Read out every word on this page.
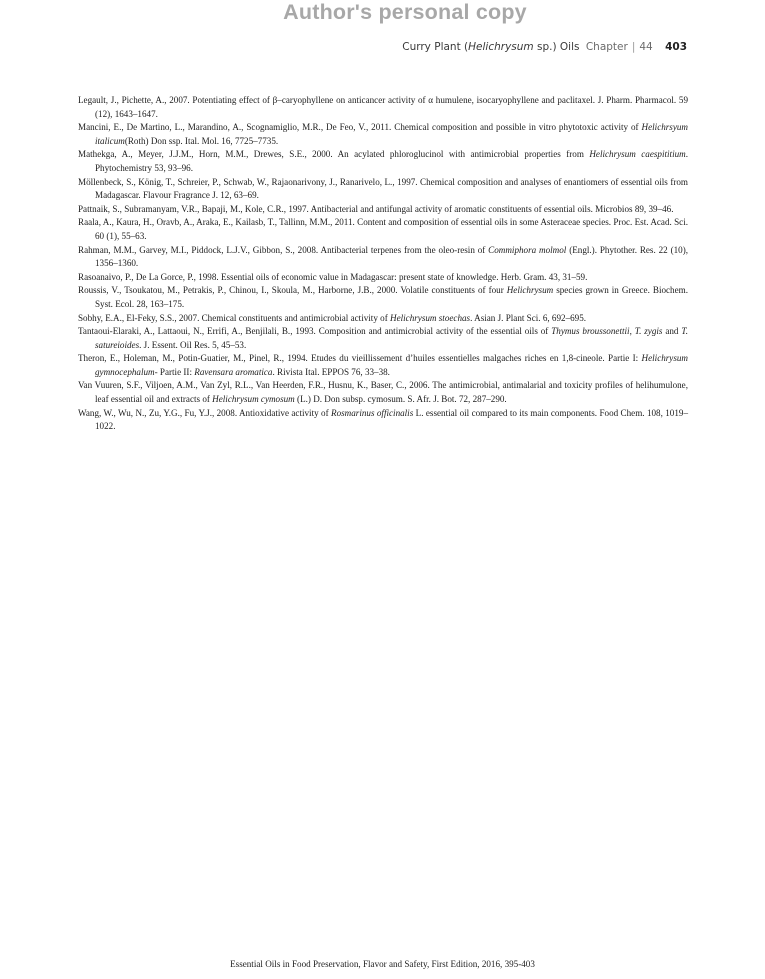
Author's personal copy
Curry Plant (Helichrysum sp.) Oils Chapter | 44 403

Legault, J., Pichette, A., 2007. Potentiating effect of β–caryophyllene on anticancer activity of α humulene, isocaryophyllene and paclitaxel. J. Pharm. Pharmacol. 59 (12), 1643–1647.

Mancini, E., De Martino, L., Marandino, A., Scognamiglio, M.R., De Feo, V., 2011. Chemical composition and possible in vitro phytotoxic activity of Helichrsyum italicum(Roth) Don ssp. Ital. Mol. 16, 7725–7735.

Mathekga, A., Meyer, J.J.M., Horn, M.M., Drewes, S.E., 2000. An acylated phloroglucinol with antimicrobial properties from Helichrysum caespititium. Phytochemistry 53, 93–96.

Möllenbeck, S., König, T., Schreier, P., Schwab, W., Rajaonarivony, J., Ranarivelo, L., 1997. Chemical composition and analyses of enantiomers of essential oils from Madagascar. Flavour Fragrance J. 12, 63–69.

Pattnaik, S., Subramanyam, V.R., Bapaji, M., Kole, C.R., 1997. Antibacterial and antifungal activity of aromatic constituents of essential oils. Microbios 89, 39–46.

Raala, A., Kaura, H., Oravb, A., Araka, E., Kailasb, T., Tallinn, M.M., 2011. Content and composition of essential oils in some Asteraceae species. Proc. Est. Acad. Sci. 60 (1), 55–63.

Rahman, M.M., Garvey, M.I., Piddock, L.J.V., Gibbon, S., 2008. Antibacterial terpenes from the oleo-resin of Commiphora molmol (Engl.). Phytother. Res. 22 (10), 1356–1360.

Rasoanaivo, P., De La Gorce, P., 1998. Essential oils of economic value in Madagascar: present state of knowledge. Herb. Gram. 43, 31–59.

Roussis, V., Tsoukatou, M., Petrakis, P., Chinou, I., Skoula, M., Harborne, J.B., 2000. Volatile constituents of four Helichrysum species grown in Greece. Biochem. Syst. Ecol. 28, 163–175.

Sobhy, E.A., El-Feky, S.S., 2007. Chemical constituents and antimicrobial activity of Helichrysum stoechas. Asian J. Plant Sci. 6, 692–695.

Tantaoui-Elaraki, A., Lattaoui, N., Errifi, A., Benjilali, B., 1993. Composition and antimicrobial activity of the essential oils of Thymus broussonettii, T. zygis and T. satureioides. J. Essent. Oil Res. 5, 45–53.

Theron, E., Holeman, M., Potin-Guatier, M., Pinel, R., 1994. Etudes du vieillissement d’huiles essentielles malgaches riches en 1,8-cineole. Partie I: Helichrysum gymnocephalum- Partie II: Ravensara aromatica. Rivista Ital. EPPOS 76, 33–38.

Van Vuuren, S.F., Viljoen, A.M., Van Zyl, R.L., Van Heerden, F.R., Husnu, K., Baser, C., 2006. The antimicrobial, antimalarial and toxicity profiles of helihumulone, leaf essential oil and extracts of Helichrysum cymosum (L.) D. Don subsp. cymosum. S. Afr. J. Bot. 72, 287–290.

Wang, W., Wu, N., Zu, Y.G., Fu, Y.J., 2008. Antioxidative activity of Rosmarinus officinalis L. essential oil compared to its main components. Food Chem. 108, 1019–1022.

Essential Oils in Food Preservation, Flavor and Safety, First Edition, 2016, 395-403
